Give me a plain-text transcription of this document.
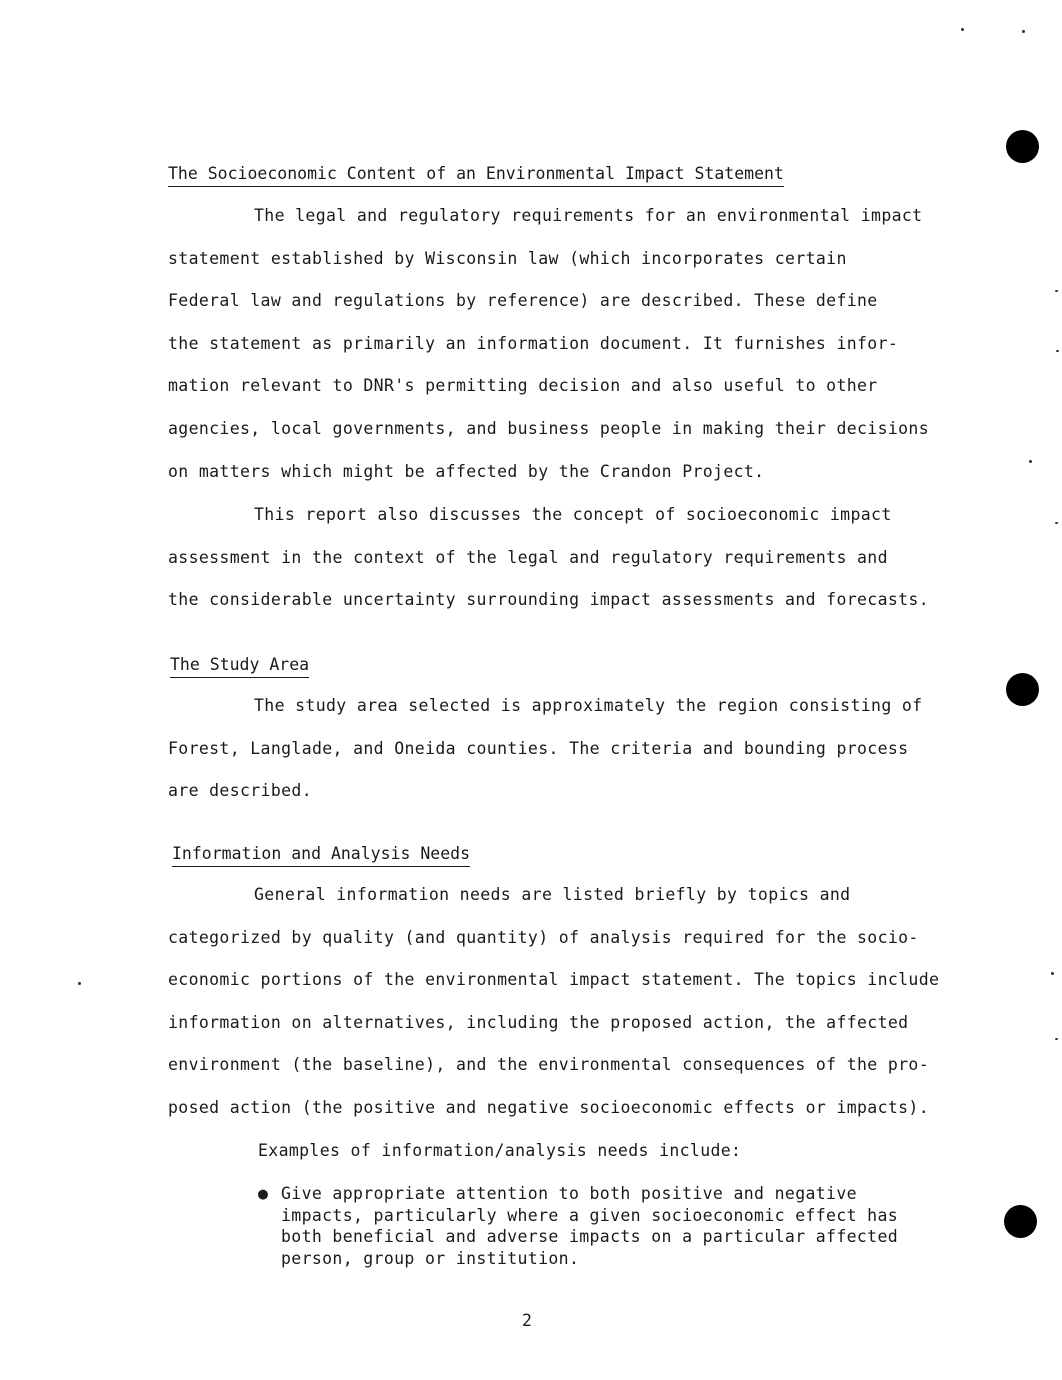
The Socioeconomic Content of an Environmental Impact Statement
The legal and regulatory requirements for an environmental impact
statement established by Wisconsin law (which incorporates certain
Federal law and regulations by reference) are described. These define
the statement as primarily an information document. It furnishes infor-
mation relevant to DNR's permitting decision and also useful to other
agencies, local governments, and business people in making their decisions
on matters which might be affected by the Crandon Project.
This report also discusses the concept of socioeconomic impact
assessment in the context of the legal and regulatory requirements and
the considerable uncertainty surrounding impact assessments and forecasts.
The Study Area
The study area selected is approximately the region consisting of
Forest, Langlade, and Oneida counties. The criteria and bounding process
are described.
Information and Analysis Needs
General information needs are listed briefly by topics and
categorized by quality (and quantity) of analysis required for the socio-
economic portions of the environmental impact statement. The topics include
information on alternatives, including the proposed action, the affected
environment (the baseline), and the environmental consequences of the pro-
posed action (the positive and negative socioeconomic effects or impacts).
Examples of information/analysis needs include:
● Give appropriate attention to both positive and negative
impacts, particularly where a given socioeconomic effect has
both beneficial and adverse impacts on a particular affected
person, group or institution.
2
